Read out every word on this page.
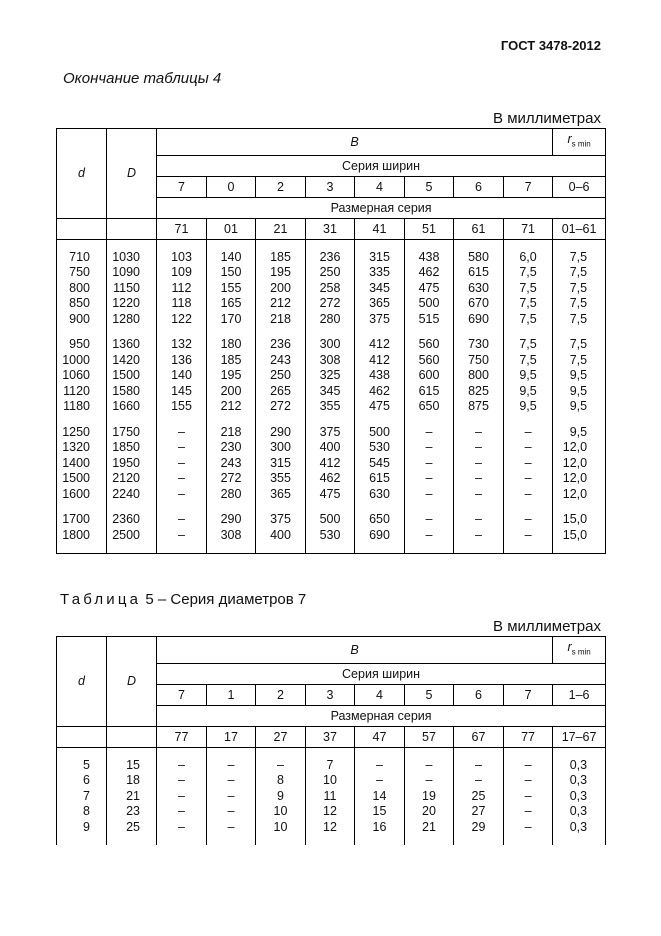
ГОСТ 3478-2012
Окончание таблицы 4
В миллиметрах
d	D	B								$r_{s min}$
		Серия ширин								
		7	0	2	3	4	5	6	7	0–6
		Размерная серия								
		71	01	21	31	41	51	61	71	01–61

710	1030	103	140	185	236	315	438	580	6,0	7,5
750	1090	109	150	195	250	335	462	615	7,5	7,5
800	1150	112	155	200	258	345	475	630	7,5	7,5
850	1220	118	165	212	272	365	500	670	7,5	7,5
900	1280	122	170	218	280	375	515	690	7,5	7,5

950	1360	132	180	236	300	412	560	730	7,5	7,5
1000	1420	136	185	243	308	412	560	750	7,5	7,5
1060	1500	140	195	250	325	438	600	800	9,5	9,5
1120	1580	145	200	265	345	462	615	825	9,5	9,5
1180	1660	155	212	272	355	475	650	875	9,5	9,5

1250	1750	–	218	290	375	500	–	–	–	9,5
1320	1850	–	230	300	400	530	–	–	–	12,0
1400	1950	–	243	315	412	545	–	–	–	12,0
1500	2120	–	272	355	462	615	–	–	–	12,0
1600	2240	–	280	365	475	630	–	–	–	12,0

1700	2360	–	290	375	500	650	–	–	–	15,0
1800	2500	–	308	400	530	690	–	–	–	15,0

Таблица 5 – Серия диаметров 7
В миллиметрах
d	D	B								$r_{s min}$
		Серия ширин								
		7	1	2	3	4	5	6	7	1–6
		Размерная серия								
		77	17	27	37	47	57	67	77	17–67

5	15	–	–	–	7	–	–	–	–	0,3
6	18	–	–	8	10	–	–	–	–	0,3
7	21	–	–	9	11	14	19	25	–	0,3
8	23	–	–	10	12	15	20	27	–	0,3
9	25	–	–	10	12	16	21	29	–	0,3
